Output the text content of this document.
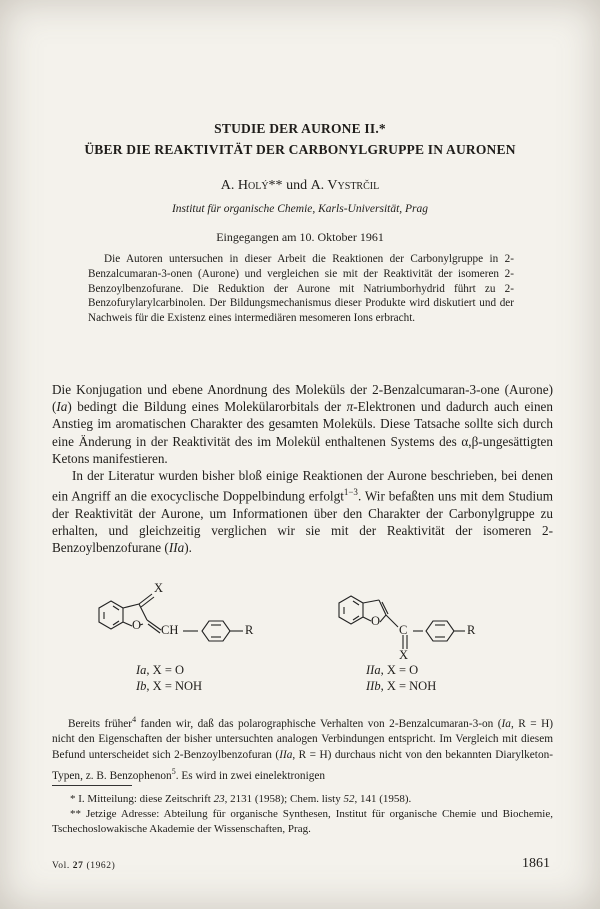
STUDIE DER AURONE II.*
ÜBER DIE REAKTIVITÄT DER CARBONYLGRUPPE IN AURONEN
A. Holý** und A. Vystrčil
Institut für organische Chemie, Karls-Universität, Prag
Eingegangen am 10. Oktober 1961
Die Autoren untersuchen in dieser Arbeit die Reaktionen der Carbonylgruppe in 2-Benzalcumaran-3-onen (Aurone) und vergleichen sie mit der Reaktivität der isomeren 2-Benzoylbenzofurane. Die Reduktion der Aurone mit Natriumborhydrid führt zu 2-Benzofurylarylcarbinolen. Der Bildungsmechanismus dieser Produkte wird diskutiert und der Nachweis für die Existenz eines intermediären mesomeren Ions erbracht.

Die Konjugation und ebene Anordnung des Moleküls der 2-Benzalcumaran-3-one (Aurone) (Ia) bedingt die Bildung eines Molekülarorbitals der π-Elektronen und dadurch auch einen Anstieg im aromatischen Charakter des gesamten Moleküls. Diese Tatsache sollte sich durch eine Änderung in der Reaktivität des im Molekül enthaltenen Systems des α,β-ungesättigten Ketons manifestieren.

In der Literatur wurden bisher bloß einige Reaktionen der Aurone beschrieben, bei denen ein Angriff an die exocyclische Doppelbindung erfolgt$^{1-3}$. Wir befaßten uns mit dem Studium der Reaktivität der Aurone, um Informationen über den Charakter der Carbonylgruppe zu erhalten, und gleichzeitig verglichen wir sie mit der Reaktivität der isomeren 2-Benzoylbenzofurane (IIa).

X
O CH	R
Ia, X = O
Ib, X = NOH
O
C
X
R
IIa, X = O
IIb, X = NOH
Bereits früher$^4$ fanden wir, daß das polarographische Verhalten von 2-Benzalcumaran-3-on (Ia, R = H) nicht den Eigenschaften der bisher untersuchten analogen Verbindungen entspricht. Im Vergleich mit diesem Befund unterscheidet sich 2-Benzoylbenzofuran (IIa, R = H) durchaus nicht von den bekannten Diarylketon-Typen, z. B. Benzophenon$^5$. Es wird in zwei einelektronigen
* I. Mitteilung: diese Zeitschrift 23, 2131 (1958); Chem. listy 52, 141 (1958).
** Jetzige Adresse: Abteilung für organische Synthesen, Institut für organische Chemie und Biochemie, Tschechoslowakische Akademie der Wissenschaften, Prag.
Vol. 27 (1962)	1861
